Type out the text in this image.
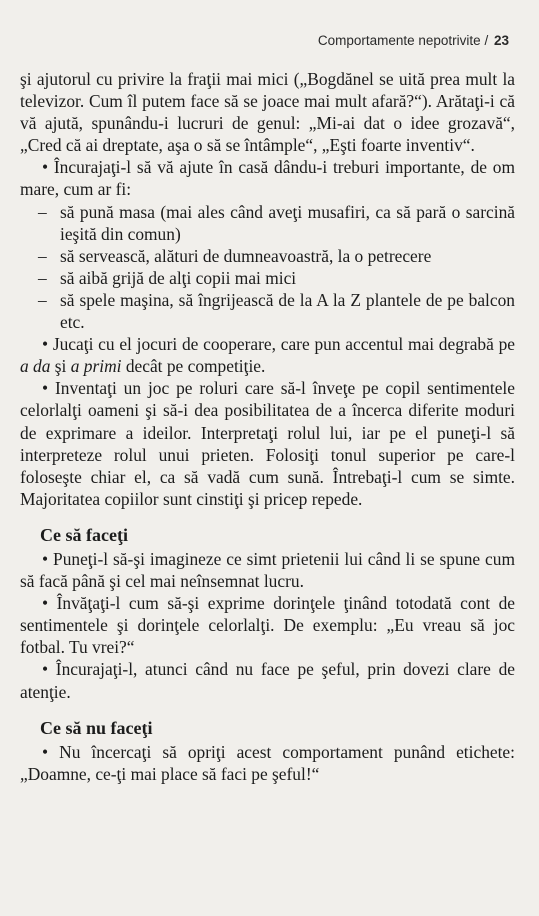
Comportamente nepotrivite / 23

şi ajutorul cu privire la fraţii mai mici („Bogdănel se uită prea mult la televizor. Cum îl putem face să se joace mai mult afară?“). Arătaţi-i că vă ajută, spunându-i lucruri de genul: „Mi-ai dat o idee grozavă“, „Cred că ai dreptate, aşa o să se întâmple“, „Eşti foarte inventiv“.

• Încurajaţi-l să vă ajute în casă dându-i treburi importante, de om mare, cum ar fi:

– să pună masa (mai ales când aveţi musafiri, ca să pară o sarcină ieşită din comun)

– să servească, alături de dumneavoastră, la o petrecere

– să aibă grijă de alţi copii mai mici

– să spele maşina, să îngrijească de la A la Z plantele de pe balcon etc.

• Jucaţi cu el jocuri de cooperare, care pun accentul mai degrabă pe a da şi a primi decât pe competiţie.

• Inventaţi un joc pe roluri care să-l înveţe pe copil sentimentele celorlalţi oameni şi să-i dea posibilitatea de a încerca diferite moduri de exprimare a ideilor. Interpretaţi rolul lui, iar pe el puneţi-l să interpreteze rolul unui prieten. Folosiţi tonul superior pe care-l foloseşte chiar el, ca să vadă cum sună. Întrebaţi-l cum se simte. Majoritatea copiilor sunt cinstiţi şi pricep repede.

Ce să faceţi

• Puneţi-l să-şi imagineze ce simt prietenii lui când li se spune cum să facă până şi cel mai neînsemnat lucru.

• Învăţaţi-l cum să-şi exprime dorinţele ţinând totodată cont de sentimentele şi dorinţele celorlalţi. De exemplu: „Eu vreau să joc fotbal. Tu vrei?“

• Încurajaţi-l, atunci când nu face pe şeful, prin dovezi clare de atenţie.

Ce să nu faceţi

• Nu încercaţi să opriţi acest comportament punând etichete: „Doamne, ce-ţi mai place să faci pe şeful!“
